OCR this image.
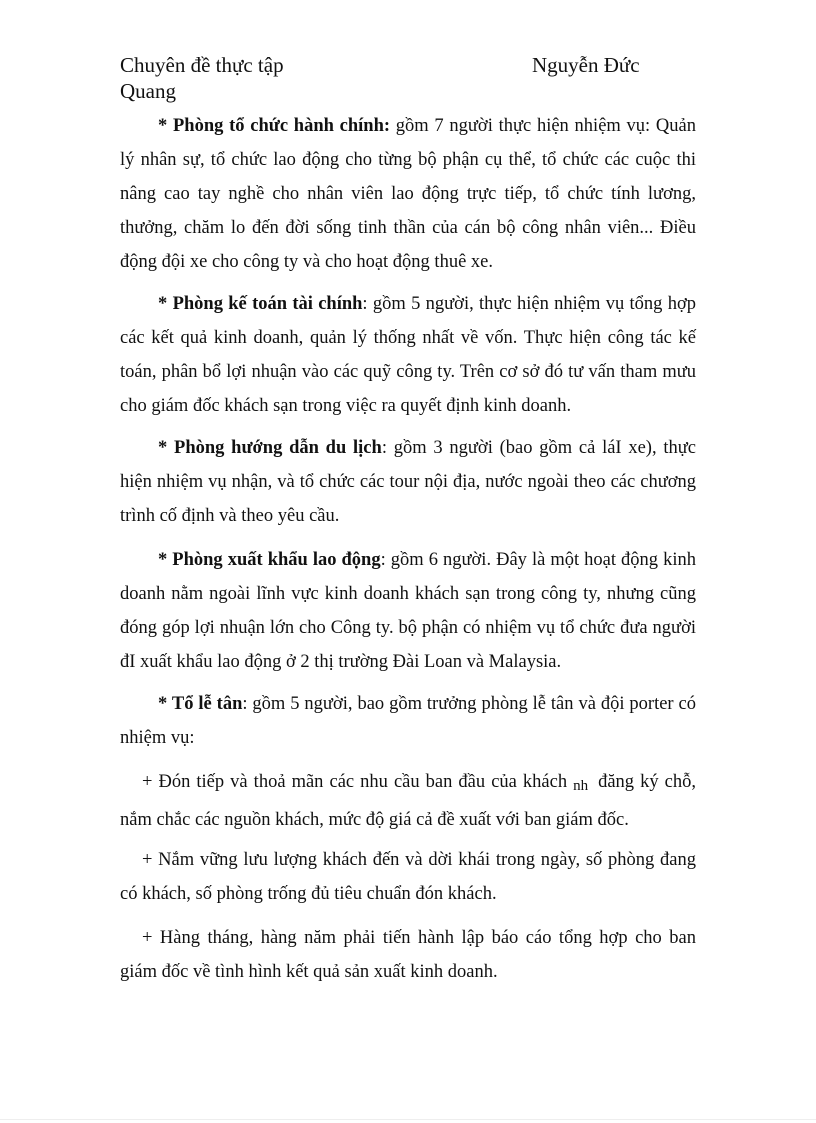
Chuyên đề thực tập	Nguyễn Đức
Quang

* Phòng tổ chức hành chính: gồm 7 người thực hiện nhiệm vụ: Quản lý nhân sự, tổ chức lao động cho từng bộ phận cụ thể, tổ chức các cuộc thi nâng cao tay nghề cho nhân viên lao động trực tiếp, tổ chức tính lương, thưởng, chăm lo đến đời sống tinh thần của cán bộ công nhân viên... Điều động đội xe cho công ty và cho hoạt động thuê xe.

* Phòng kế toán tài chính: gồm 5 người, thực hiện nhiệm vụ tổng hợp các kết quả kinh doanh, quản lý thống nhất về vốn. Thực hiện công tác kế toán, phân bổ lợi nhuận vào các quỹ công ty. Trên cơ sở đó tư vấn tham mưu cho giám đốc khách sạn trong việc ra quyết định kinh doanh.

* Phòng hướng dẫn du lịch: gồm 3 người (bao gồm cả láI xe), thực hiện nhiệm vụ nhận, và tổ chức các tour nội địa, nước ngoài theo các chương trình cố định và theo yêu cầu.

* Phòng xuất khẩu lao động: gồm 6 người. Đây là một hoạt động kinh doanh nằm ngoài lĩnh vực kinh doanh khách sạn trong công ty, nhưng cũng đóng góp lợi nhuận lớn cho Công ty. bộ phận có nhiệm vụ tổ chức đưa người đI xuất khẩu lao động ở 2 thị trường Đài Loan và Malaysia.

* Tổ lễ tân: gồm 5 người, bao gồm trưởng phòng lễ tân và đội porter có nhiệm vụ:

+ Đón tiếp và thoả mãn các nhu cầu ban đầu của khách nh đăng ký chỗ, nắm chắc các nguồn khách, mức độ giá cả đề xuất với ban giám đốc.

+ Nắm vững lưu lượng khách đến và dời khái trong ngày, số phòng đang có khách, số phòng trống đủ tiêu chuẩn đón khách.

+ Hàng tháng, hàng năm phải tiến hành lập báo cáo tổng hợp cho ban giám đốc về tình hình kết quả sản xuất kinh doanh.
